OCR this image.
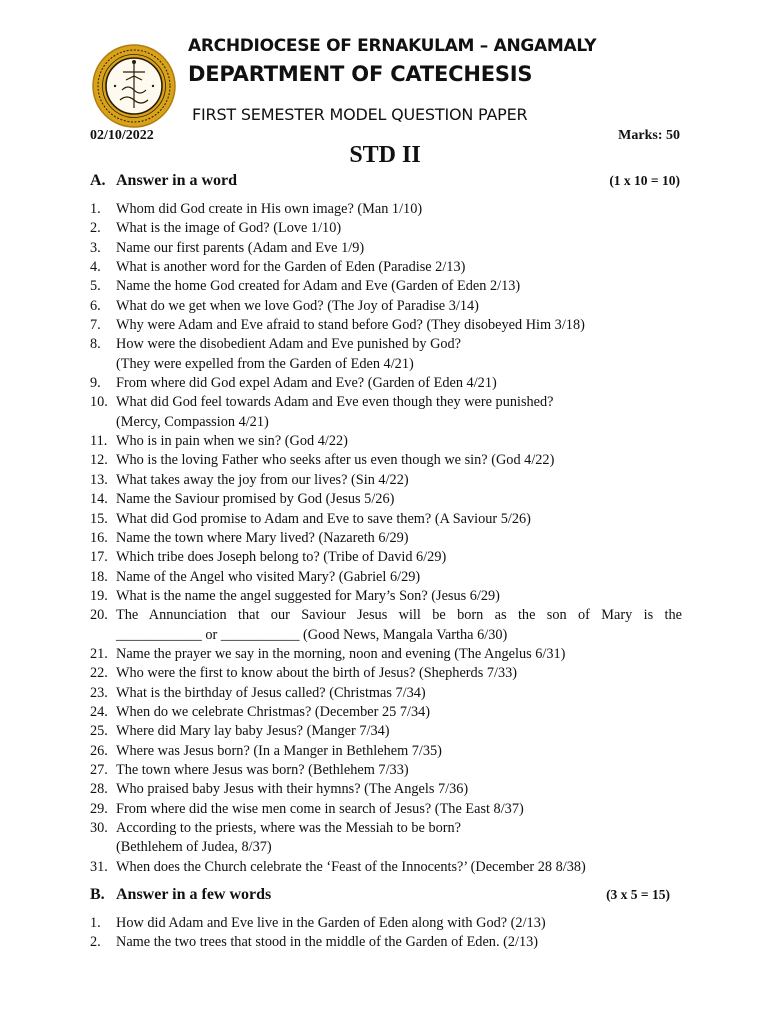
ARCHDIOCESE OF ERNAKULAM – ANGAMALY
DEPARTMENT OF CATECHESIS
FIRST SEMESTER MODEL QUESTION PAPER
02/10/2022	Marks: 50
STD II
A. Answer in a word	(1 x 10 = 10)
1. Whom did God create in His own image? (Man 1/10)
2. What is the image of God? (Love 1/10)
3. Name our first parents (Adam and Eve 1/9)
4. What is another word for the Garden of Eden (Paradise 2/13)
5. Name the home God created for Adam and Eve (Garden of Eden 2/13)
6. What do we get when we love God? (The Joy of Paradise 3/14)
7. Why were Adam and Eve afraid to stand before God? (They disobeyed Him 3/18)
8. How were the disobedient Adam and Eve punished by God?
(They were expelled from the Garden of Eden 4/21)
9. From where did God expel Adam and Eve? (Garden of Eden 4/21)
10. What did God feel towards Adam and Eve even though they were punished?
(Mercy, Compassion 4/21)
11. Who is in pain when we sin? (God 4/22)
12. Who is the loving Father who seeks after us even though we sin? (God 4/22)
13. What takes away the joy from our lives? (Sin 4/22)
14. Name the Saviour promised by God (Jesus 5/26)
15. What did God promise to Adam and Eve to save them? (A Saviour 5/26)
16. Name the town where Mary lived? (Nazareth 6/29)
17. Which tribe does Joseph belong to? (Tribe of David 6/29)
18. Name of the Angel who visited Mary? (Gabriel 6/29)
19. What is the name the angel suggested for Mary’s Son? (Jesus 6/29)
20. The Annunciation that our Saviour Jesus will be born as the son of Mary is the
____________ or ___________ (Good News, Mangala Vartha 6/30)
21. Name the prayer we say in the morning, noon and evening (The Angelus 6/31)
22. Who were the first to know about the birth of Jesus? (Shepherds 7/33)
23. What is the birthday of Jesus called? (Christmas 7/34)
24. When do we celebrate Christmas? (December 25 7/34)
25. Where did Mary lay baby Jesus? (Manger 7/34)
26. Where was Jesus born? (In a Manger in Bethlehem 7/35)
27. The town where Jesus was born? (Bethlehem 7/33)
28. Who praised baby Jesus with their hymns? (The Angels 7/36)
29. From where did the wise men come in search of Jesus? (The East 8/37)
30. According to the priests, where was the Messiah to be born?
(Bethlehem of Judea, 8/37)
31. When does the Church celebrate the ‘Feast of the Innocents?’ (December 28 8/38)
B. Answer in a few words	(3 x 5 = 15)
1. How did Adam and Eve live in the Garden of Eden along with God? (2/13)
2. Name the two trees that stood in the middle of the Garden of Eden. (2/13)
